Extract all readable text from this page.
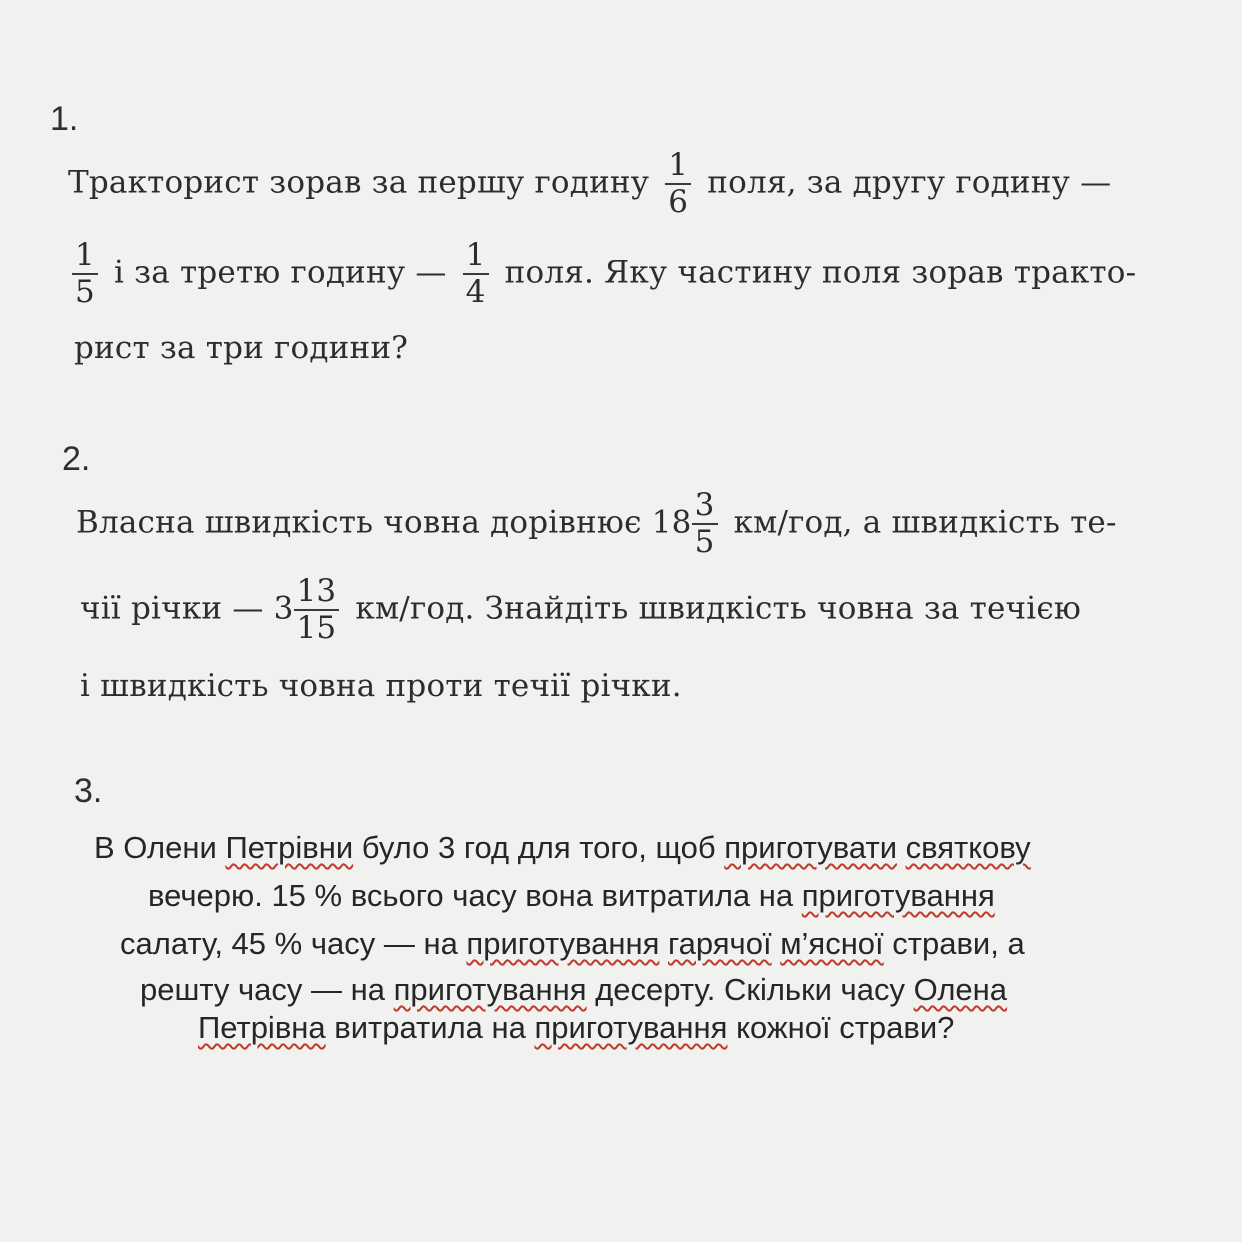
1.
Тракторист зорав за першу годину $\frac{1}{6}$ поля, за другу годину —
$\frac{1}{5}$ і за третю годину — $\frac{1}{4}$ поля. Яку частину поля зорав тракто-
рист за три години?
2.
Власна швидкість човна дорівнює $18 \frac{3}{5} км/год$, а швидкість те-
чії річки — $3 \frac{13}{15} км/год$. Знайдіть швидкість човна за течією
і швидкість човна проти течії річки.
3.
В Олени Петрівни було 3 год для того, щоб приготувати святкову
вечерю. 15 % всього часу вона витратила на приготування
салату, 45 % часу — на приготування гарячої м’ясної страви, а
решту часу — на приготування десерту. Скільки часу Олена
Петрівна витратила на приготування кожної страви?
